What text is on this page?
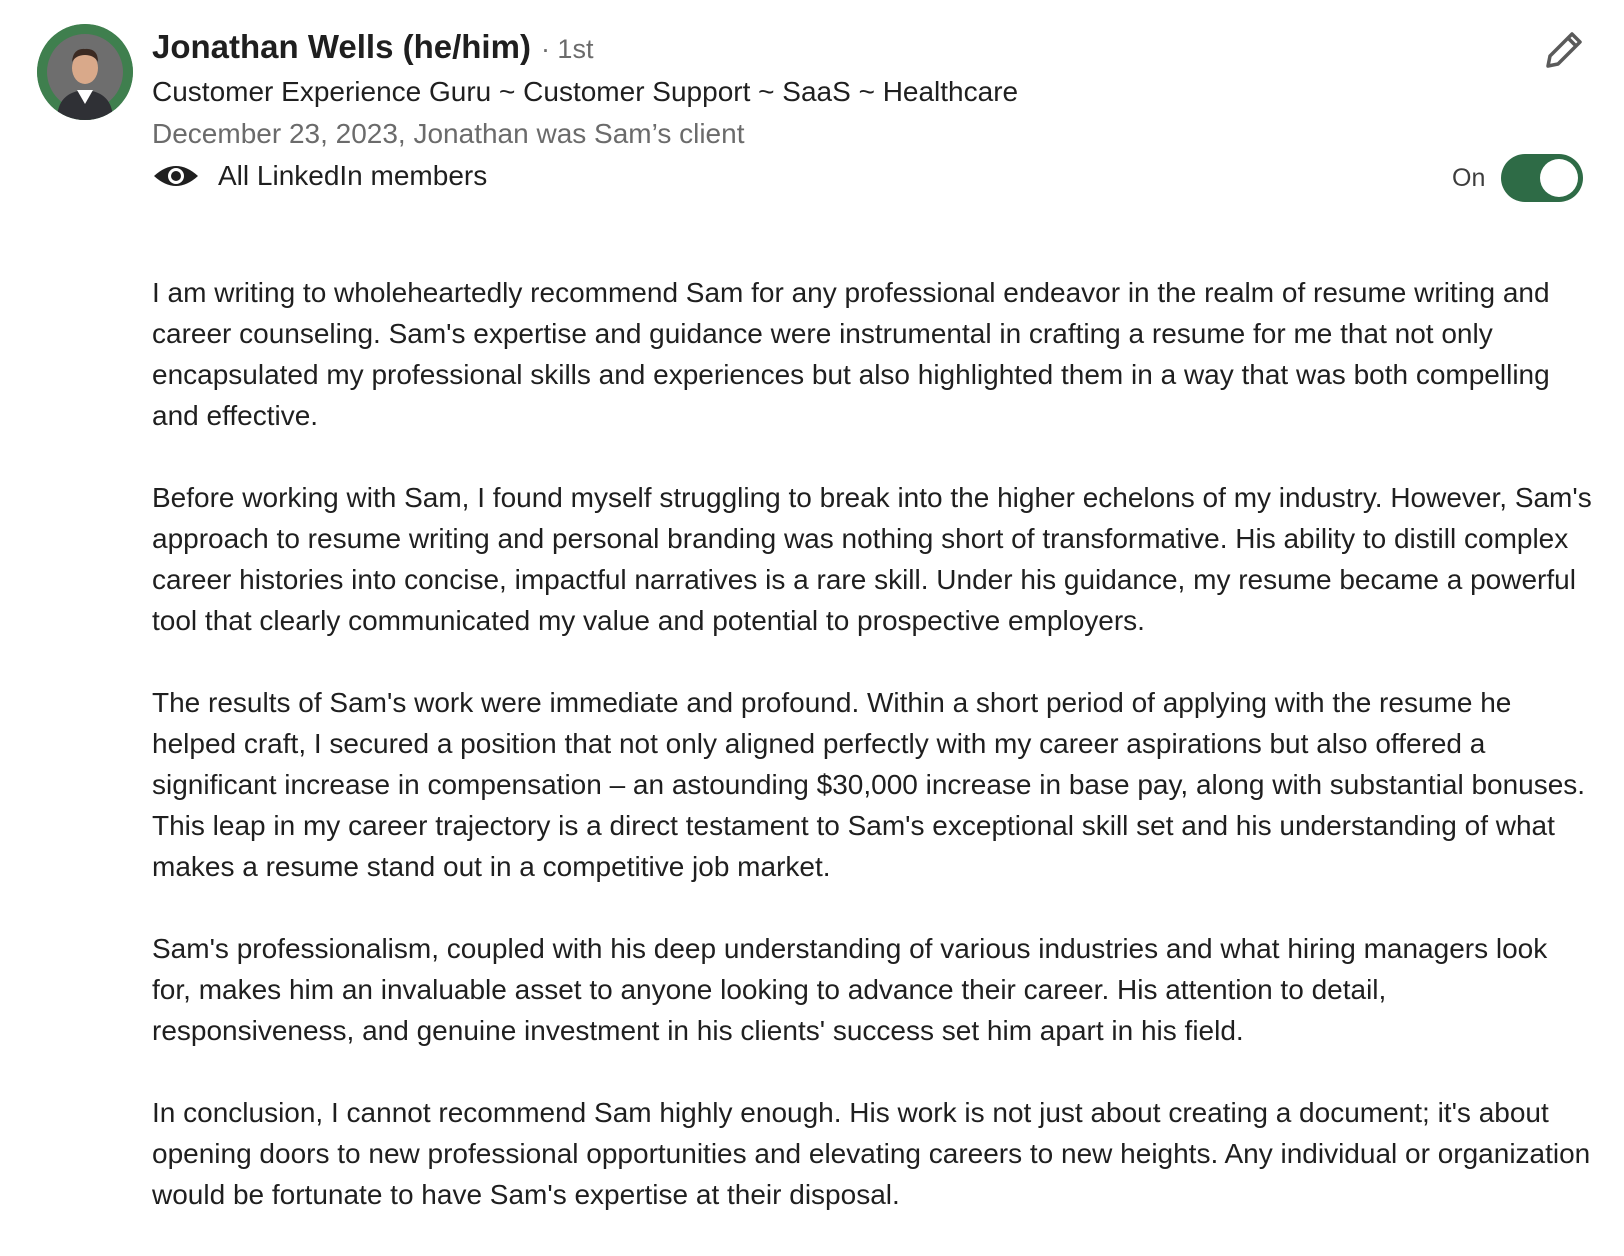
Jonathan Wells (he/him) · 1st
Customer Experience Guru ~ Customer Support ~ SaaS ~ Healthcare
December 23, 2023, Jonathan was Sam’s client
All LinkedIn members	On

I am writing to wholeheartedly recommend Sam for any professional endeavor in the realm of resume writing and career counseling. Sam's expertise and guidance were instrumental in crafting a resume for me that not only encapsulated my professional skills and experiences but also highlighted them in a way that was both compelling and effective.

Before working with Sam, I found myself struggling to break into the higher echelons of my industry. However, Sam's approach to resume writing and personal branding was nothing short of transformative. His ability to distill complex career histories into concise, impactful narratives is a rare skill. Under his guidance, my resume became a powerful tool that clearly communicated my value and potential to prospective employers.

The results of Sam's work were immediate and profound. Within a short period of applying with the resume he helped craft, I secured a position that not only aligned perfectly with my career aspirations but also offered a significant increase in compensation – an astounding $30,000 increase in base pay, along with substantial bonuses. This leap in my career trajectory is a direct testament to Sam's exceptional skill set and his understanding of what makes a resume stand out in a competitive job market.

Sam's professionalism, coupled with his deep understanding of various industries and what hiring managers look for, makes him an invaluable asset to anyone looking to advance their career. His attention to detail, responsiveness, and genuine investment in his clients' success set him apart in his field.

In conclusion, I cannot recommend Sam highly enough. His work is not just about creating a document; it's about opening doors to new professional opportunities and elevating careers to new heights. Any individual or organization would be fortunate to have Sam's expertise at their disposal.
